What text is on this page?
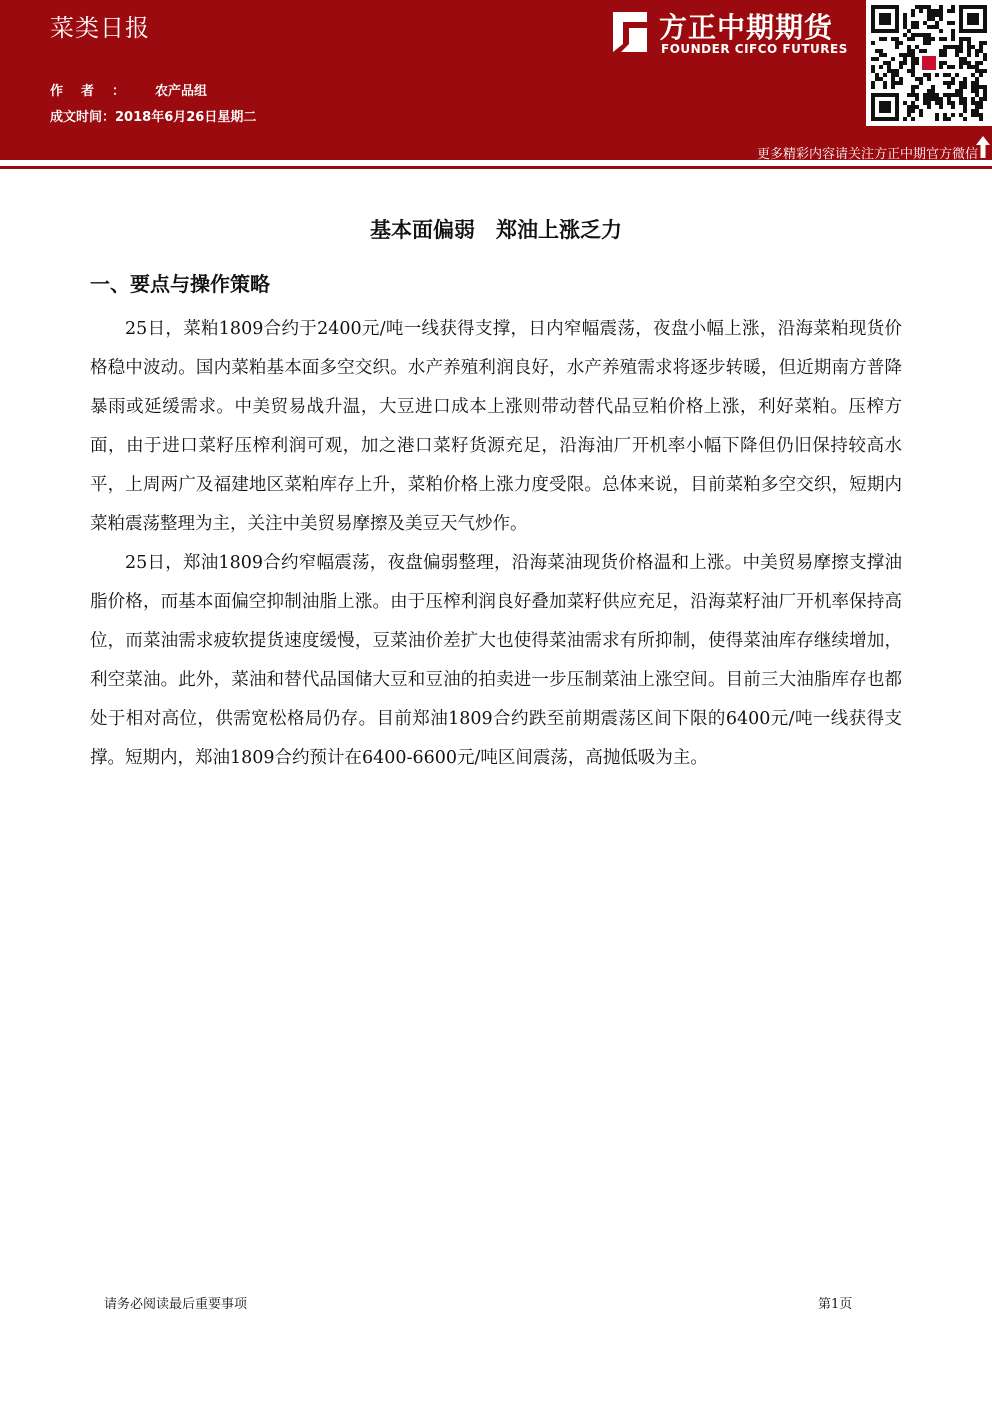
菜类日报
作者： 农产品组
成文时间：2018年6月26日星期二
方正中期期货
FOUNDER CIFCO FUTURES
更多精彩内容请关注方正中期官方微信
基本面偏弱　郑油上涨乏力
一、要点与操作策略

25日，菜粕1809合约于2400元/吨一线获得支撑，日内窄幅震荡，夜盘小幅上涨，沿海菜粕现货价格稳中波动。国内菜粕基本面多空交织。水产养殖利润良好，水产养殖需求将逐步转暖，但近期南方普降暴雨或延缓需求。中美贸易战升温，大豆进口成本上涨则带动替代品豆粕价格上涨，利好菜粕。压榨方面，由于进口菜籽压榨利润可观，加之港口菜籽货源充足，沿海油厂开机率小幅下降但仍旧保持较高水平，上周两广及福建地区菜粕库存上升，菜粕价格上涨力度受限。总体来说，目前菜粕多空交织，短期内菜粕震荡整理为主，关注中美贸易摩擦及美豆天气炒作。

25日，郑油1809合约窄幅震荡，夜盘偏弱整理，沿海菜油现货价格温和上涨。中美贸易摩擦支撑油脂价格，而基本面偏空抑制油脂上涨。由于压榨利润良好叠加菜籽供应充足，沿海菜籽油厂开机率保持高位，而菜油需求疲软提货速度缓慢，豆菜油价差扩大也使得菜油需求有所抑制，使得菜油库存继续增加，利空菜油。此外，菜油和替代品国储大豆和豆油的拍卖进一步压制菜油上涨空间。目前三大油脂库存也都处于相对高位，供需宽松格局仍存。目前郑油1809合约跌至前期震荡区间下限的6400元/吨一线获得支撑。短期内，郑油1809合约预计在6400-6600元/吨区间震荡，高抛低吸为主。

请务必阅读最后重要事项	第1页
